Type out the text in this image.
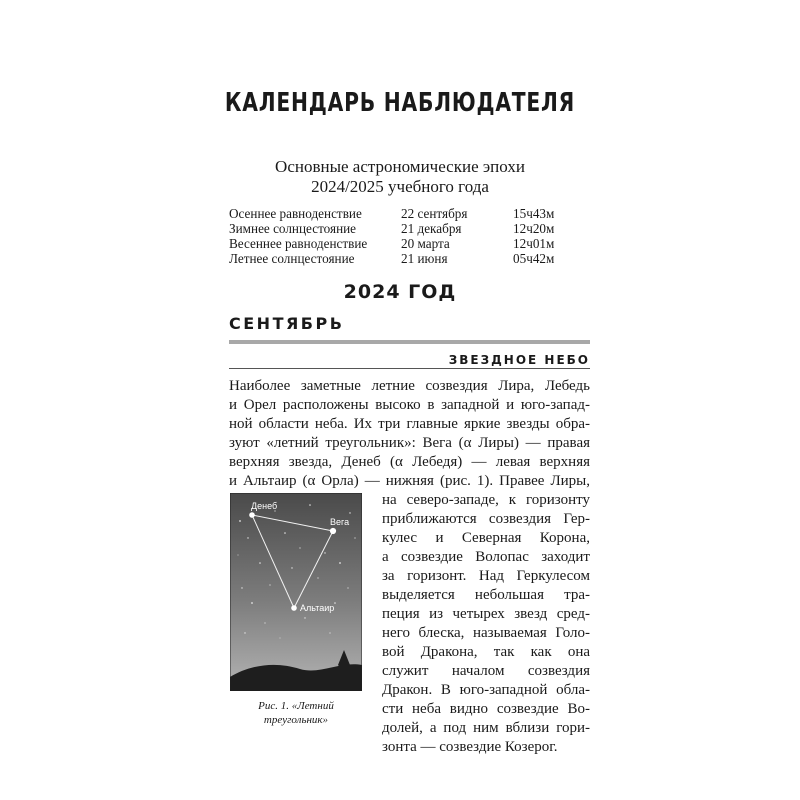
КАЛЕНДАРЬ НАБЛЮДАТЕЛЯ
Основные астрономические эпохи
2024/2025 учебного года
Осеннее равноденствие	22 сентября	15ч43м
Зимнее солнцестояние	21 декабря	12ч20м
Весеннее равноденствие	20 марта	12ч01м
Летнее солнцестояние	21 июня	05ч42м
2024 ГОД
СЕНТЯБРЬ
ЗВЕЗДНОЕ НЕБО
Наиболее заметные летние созвездия Лира, Лебедь
и Орел расположены высоко в западной и юго-запад-
ной области неба. Их три главные яркие звезды обра-
зуют «летний треугольник»: Вега (α Лиры) — правая
верхняя звезда, Денеб (α Лебедя) — левая верхняя
и Альтаир (α Орла) — нижняя (рис. 1). Правее Лиры,
на северо-западе, к горизонту
приближаются созвездия Гер-
кулес и Северная Корона,
а созвездие Волопас заходит
за горизонт. Над Геркулесом
выделяется небольшая тра-
пеция из четырех звезд сред-
него блеска, называемая Голо-
вой Дракона, так как она
служит началом созвездия
Дракон. В юго-западной обла-
сти неба видно созвездие Во-
долей, а под ним вблизи гори-
зонта — созвездие Козерог.
Денеб
Вега
Альтаир
Рис. 1. «Летний
треугольник»
